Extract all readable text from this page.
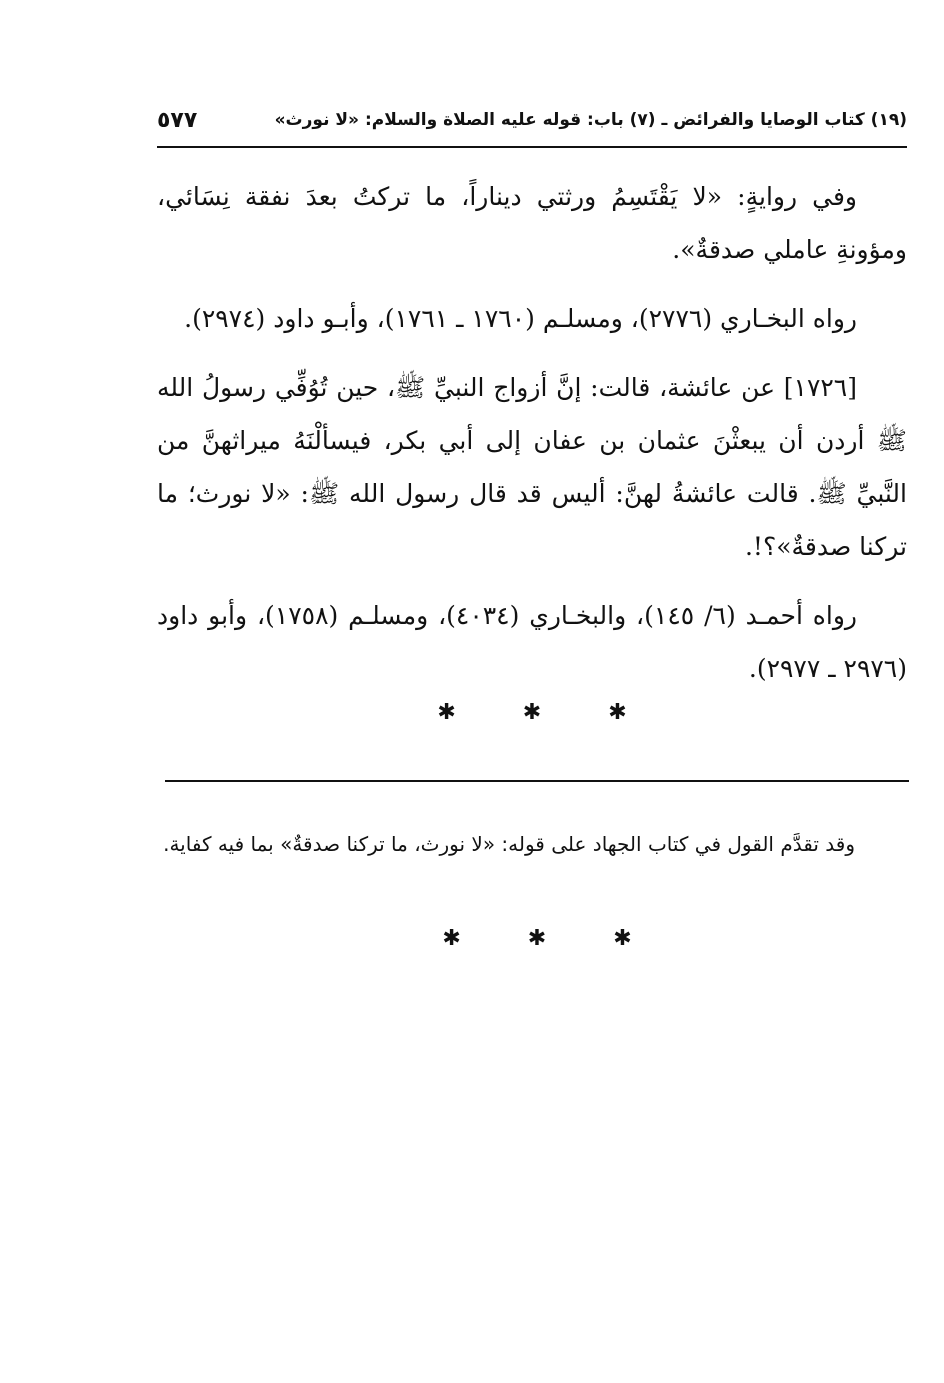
(١٩) كتاب الوصايا والفرائض ـ (٧) باب: قوله عليه الصلاة والسلام: «لا نورث»
٥٧٧

وفي روايةٍ: «لا يَقْتَسِمُ ورثتي ديناراً، ما تركتُ بعدَ نفقة نِسَائي، ومؤونةِ عاملي صدقةٌ».

رواه البخـاري (٢٧٧٦)، ومسلـم (١٧٦٠ ـ ١٧٦١)، وأبـو داود (٢٩٧٤).

[١٧٢٦] عن عائشة، قالت: إنَّ أزواج النبيِّ ﷺ، حين تُوُفِّي رسولُ الله ﷺ أردن أن يبعثْنَ عثمان بن عفان إلى أبي بكر، فيسألْنَهُ ميراثهنَّ من النَّبيِّ ﷺ. قالت عائشةُ لهنَّ: أليس قد قال رسول الله ﷺ: «لا نورث؛ ما تركنا صدقةٌ»؟!.

رواه أحمـد (٦/ ١٤٥)، والبخـاري (٤٠٣٤)، ومسلـم (١٧٥٨)، وأبو داود (٢٩٧٦ ـ ٢٩٧٧).

✱	✱	✱

وقد تقدَّم القول في كتاب الجهاد على قوله: «لا نورث، ما تركنا صدقةٌ» بما فيه كفاية.

✱	✱	✱
